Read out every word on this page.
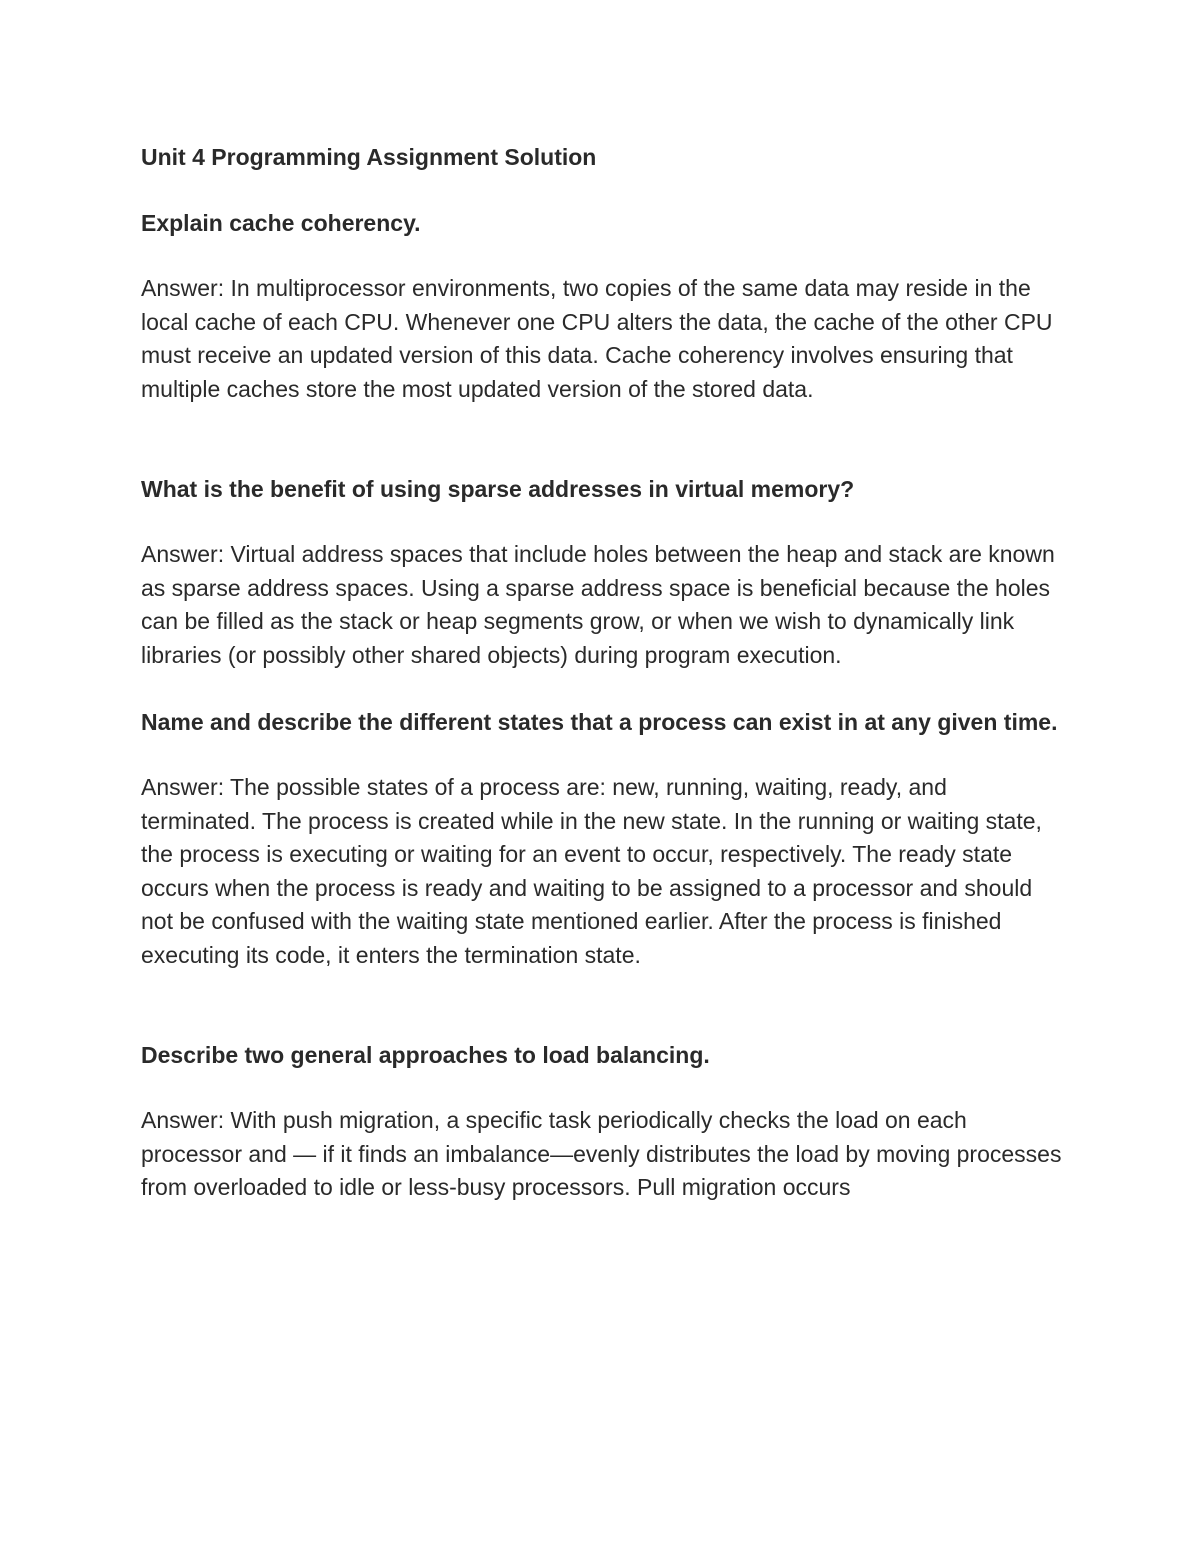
Unit 4 Programming Assignment Solution
Explain cache coherency.

Answer: In multiprocessor environments, two copies of the same data may reside in the local cache of each CPU. Whenever one CPU alters the data, the cache of the other CPU must receive an updated version of this data. Cache coherency involves ensuring that multiple caches store the most updated version of the stored data.

What is the benefit of using sparse addresses in virtual memory?

Answer: Virtual address spaces that include holes between the heap and stack are known as sparse address spaces. Using a sparse address space is beneficial because the holes can be filled as the stack or heap segments grow, or when we wish to dynamically link libraries (or possibly other shared objects) during program execution.

Name and describe the different states that a process can exist in at any given time.

Answer: The possible states of a process are: new, running, waiting, ready, and terminated. The process is created while in the new state. In the running or waiting state, the process is executing or waiting for an event to occur, respectively. The ready state occurs when the process is ready and waiting to be assigned to a processor and should not be confused with the waiting state mentioned earlier. After the process is finished executing its code, it enters the termination state.

Describe two general approaches to load balancing.

Answer: With push migration, a specific task periodically checks the load on each processor and — if it finds an imbalance—evenly distributes the load by moving processes from overloaded to idle or less-busy processors. Pull migration occurs
